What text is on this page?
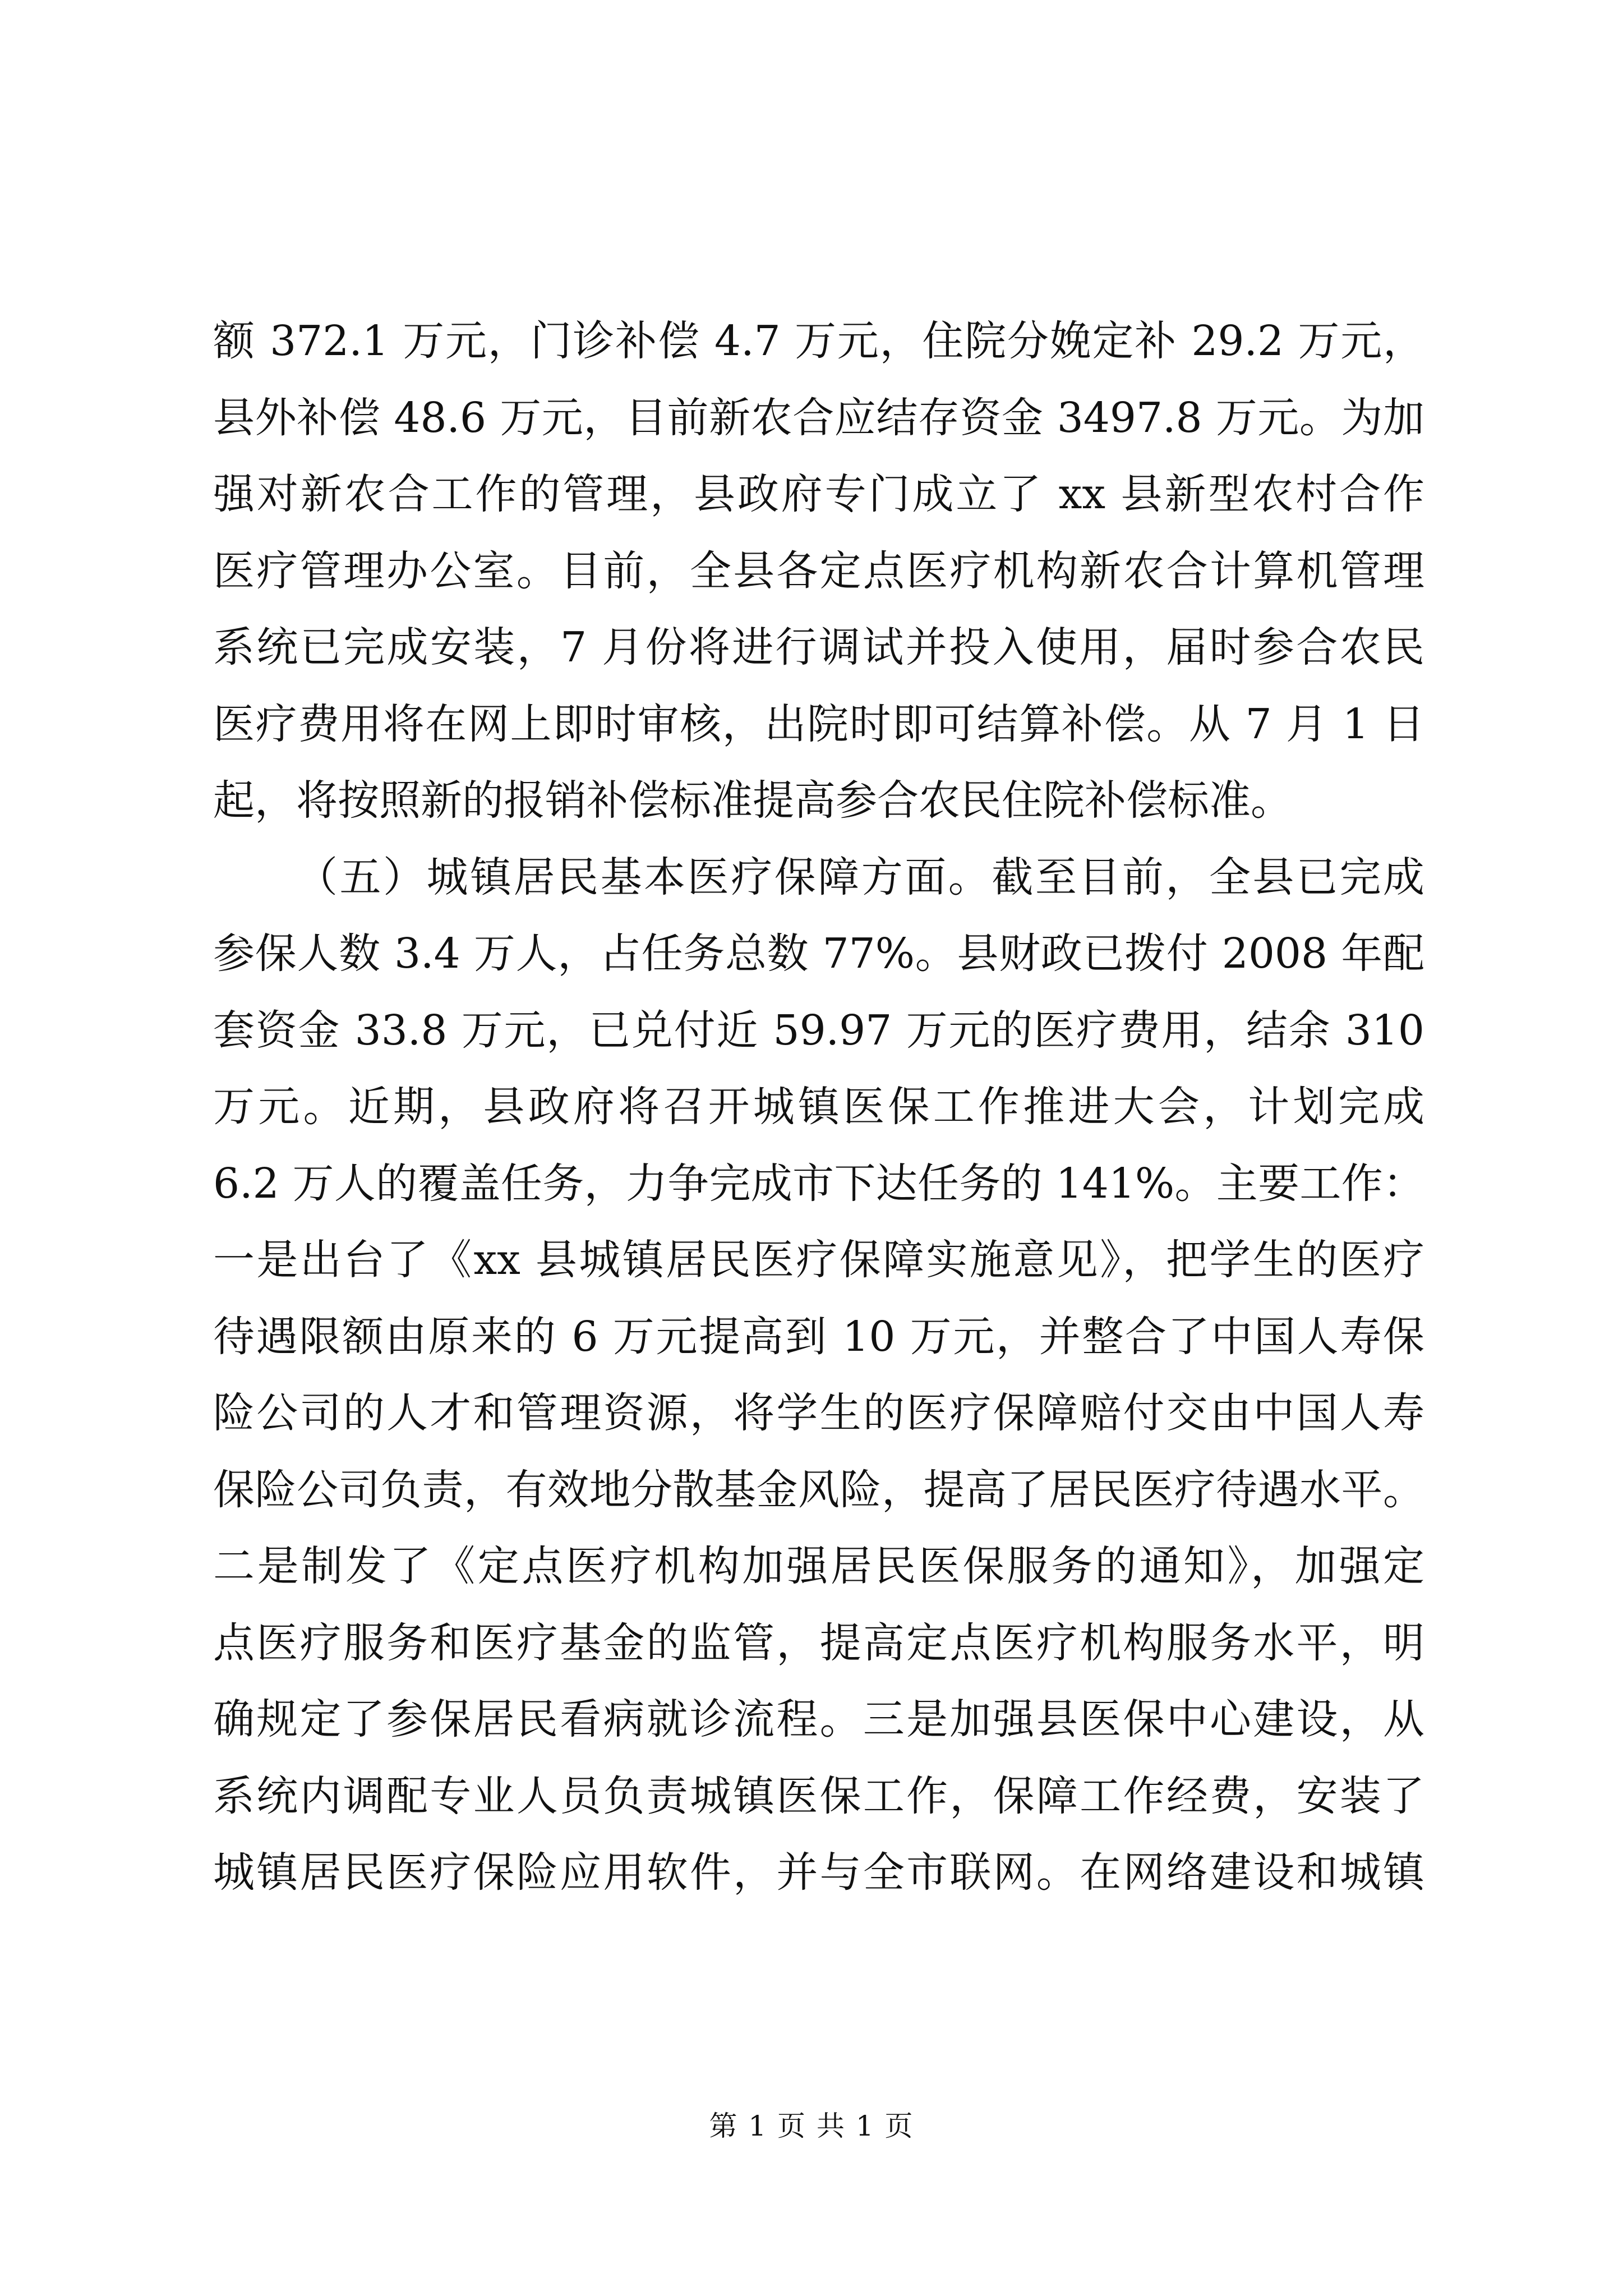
额 372.1 万元，门诊补偿 4.7 万元，住院分娩定补 29.2 万元，
县外补偿 48.6 万元，目前新农合应结存资金 3497.8 万元。为加
强对新农合工作的管理，县政府专门成立了 xx 县新型农村合作
医疗管理办公室。目前，全县各定点医疗机构新农合计算机管理
系统已完成安装，7 月份将进行调试并投入使用，届时参合农民
医疗费用将在网上即时审核，出院时即可结算补偿。从 7 月 1 日
起，将按照新的报销补偿标准提高参合农民住院补偿标准。
（五）城镇居民基本医疗保障方面。截至目前，全县已完成
参保人数 3.4 万人，占任务总数 77%。县财政已拨付 2008 年配
套资金 33.8 万元，已兑付近 59.97 万元的医疗费用，结余 310
万元。近期，县政府将召开城镇医保工作推进大会，计划完成
6.2 万人的覆盖任务，力争完成市下达任务的 141%。主要工作：
一是出台了《xx 县城镇居民医疗保障实施意见》，把学生的医疗
待遇限额由原来的 6 万元提高到 10 万元，并整合了中国人寿保
险公司的人才和管理资源，将学生的医疗保障赔付交由中国人寿
保险公司负责，有效地分散基金风险，提高了居民医疗待遇水平。
二是制发了《定点医疗机构加强居民医保服务的通知》，加强定
点医疗服务和医疗基金的监管，提高定点医疗机构服务水平，明
确规定了参保居民看病就诊流程。三是加强县医保中心建设，从
系统内调配专业人员负责城镇医保工作，保障工作经费，安装了
城镇居民医疗保险应用软件，并与全市联网。在网络建设和城镇
第 1 页 共 1 页
